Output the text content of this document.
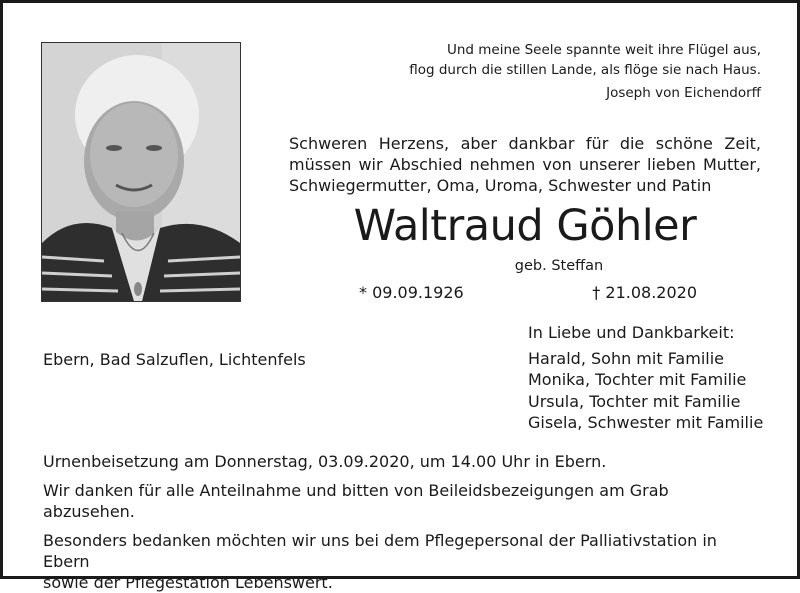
Und meine Seele spannte weit ihre Flügel aus,
flog durch die stillen Lande, als flöge sie nach Haus.
Joseph von Eichendorff
Schweren Herzens, aber dankbar für die schöne Zeit,
müssen wir Abschied nehmen von unserer lieben Mutter,
Schwiegermutter, Oma, Uroma, Schwester und Patin
Waltraud Göhler
geb. Steffan
* 09.09.1926	† 21.08.2020
Ebern, Bad Salzuflen, Lichtenfels
In Liebe und Dankbarkeit:
Harald, Sohn mit Familie
Monika, Tochter mit Familie
Ursula, Tochter mit Familie
Gisela, Schwester mit Familie

Urnenbeisetzung am Donnerstag, 03.09.2020, um 14.00 Uhr in Ebern.

Wir danken für alle Anteilnahme und bitten von Beileidsbezeigungen am Grab abzusehen.

Besonders bedanken möchten wir uns bei dem Pflegepersonal der Palliativstation in Ebern

sowie der Pflegestation Lebenswert.
